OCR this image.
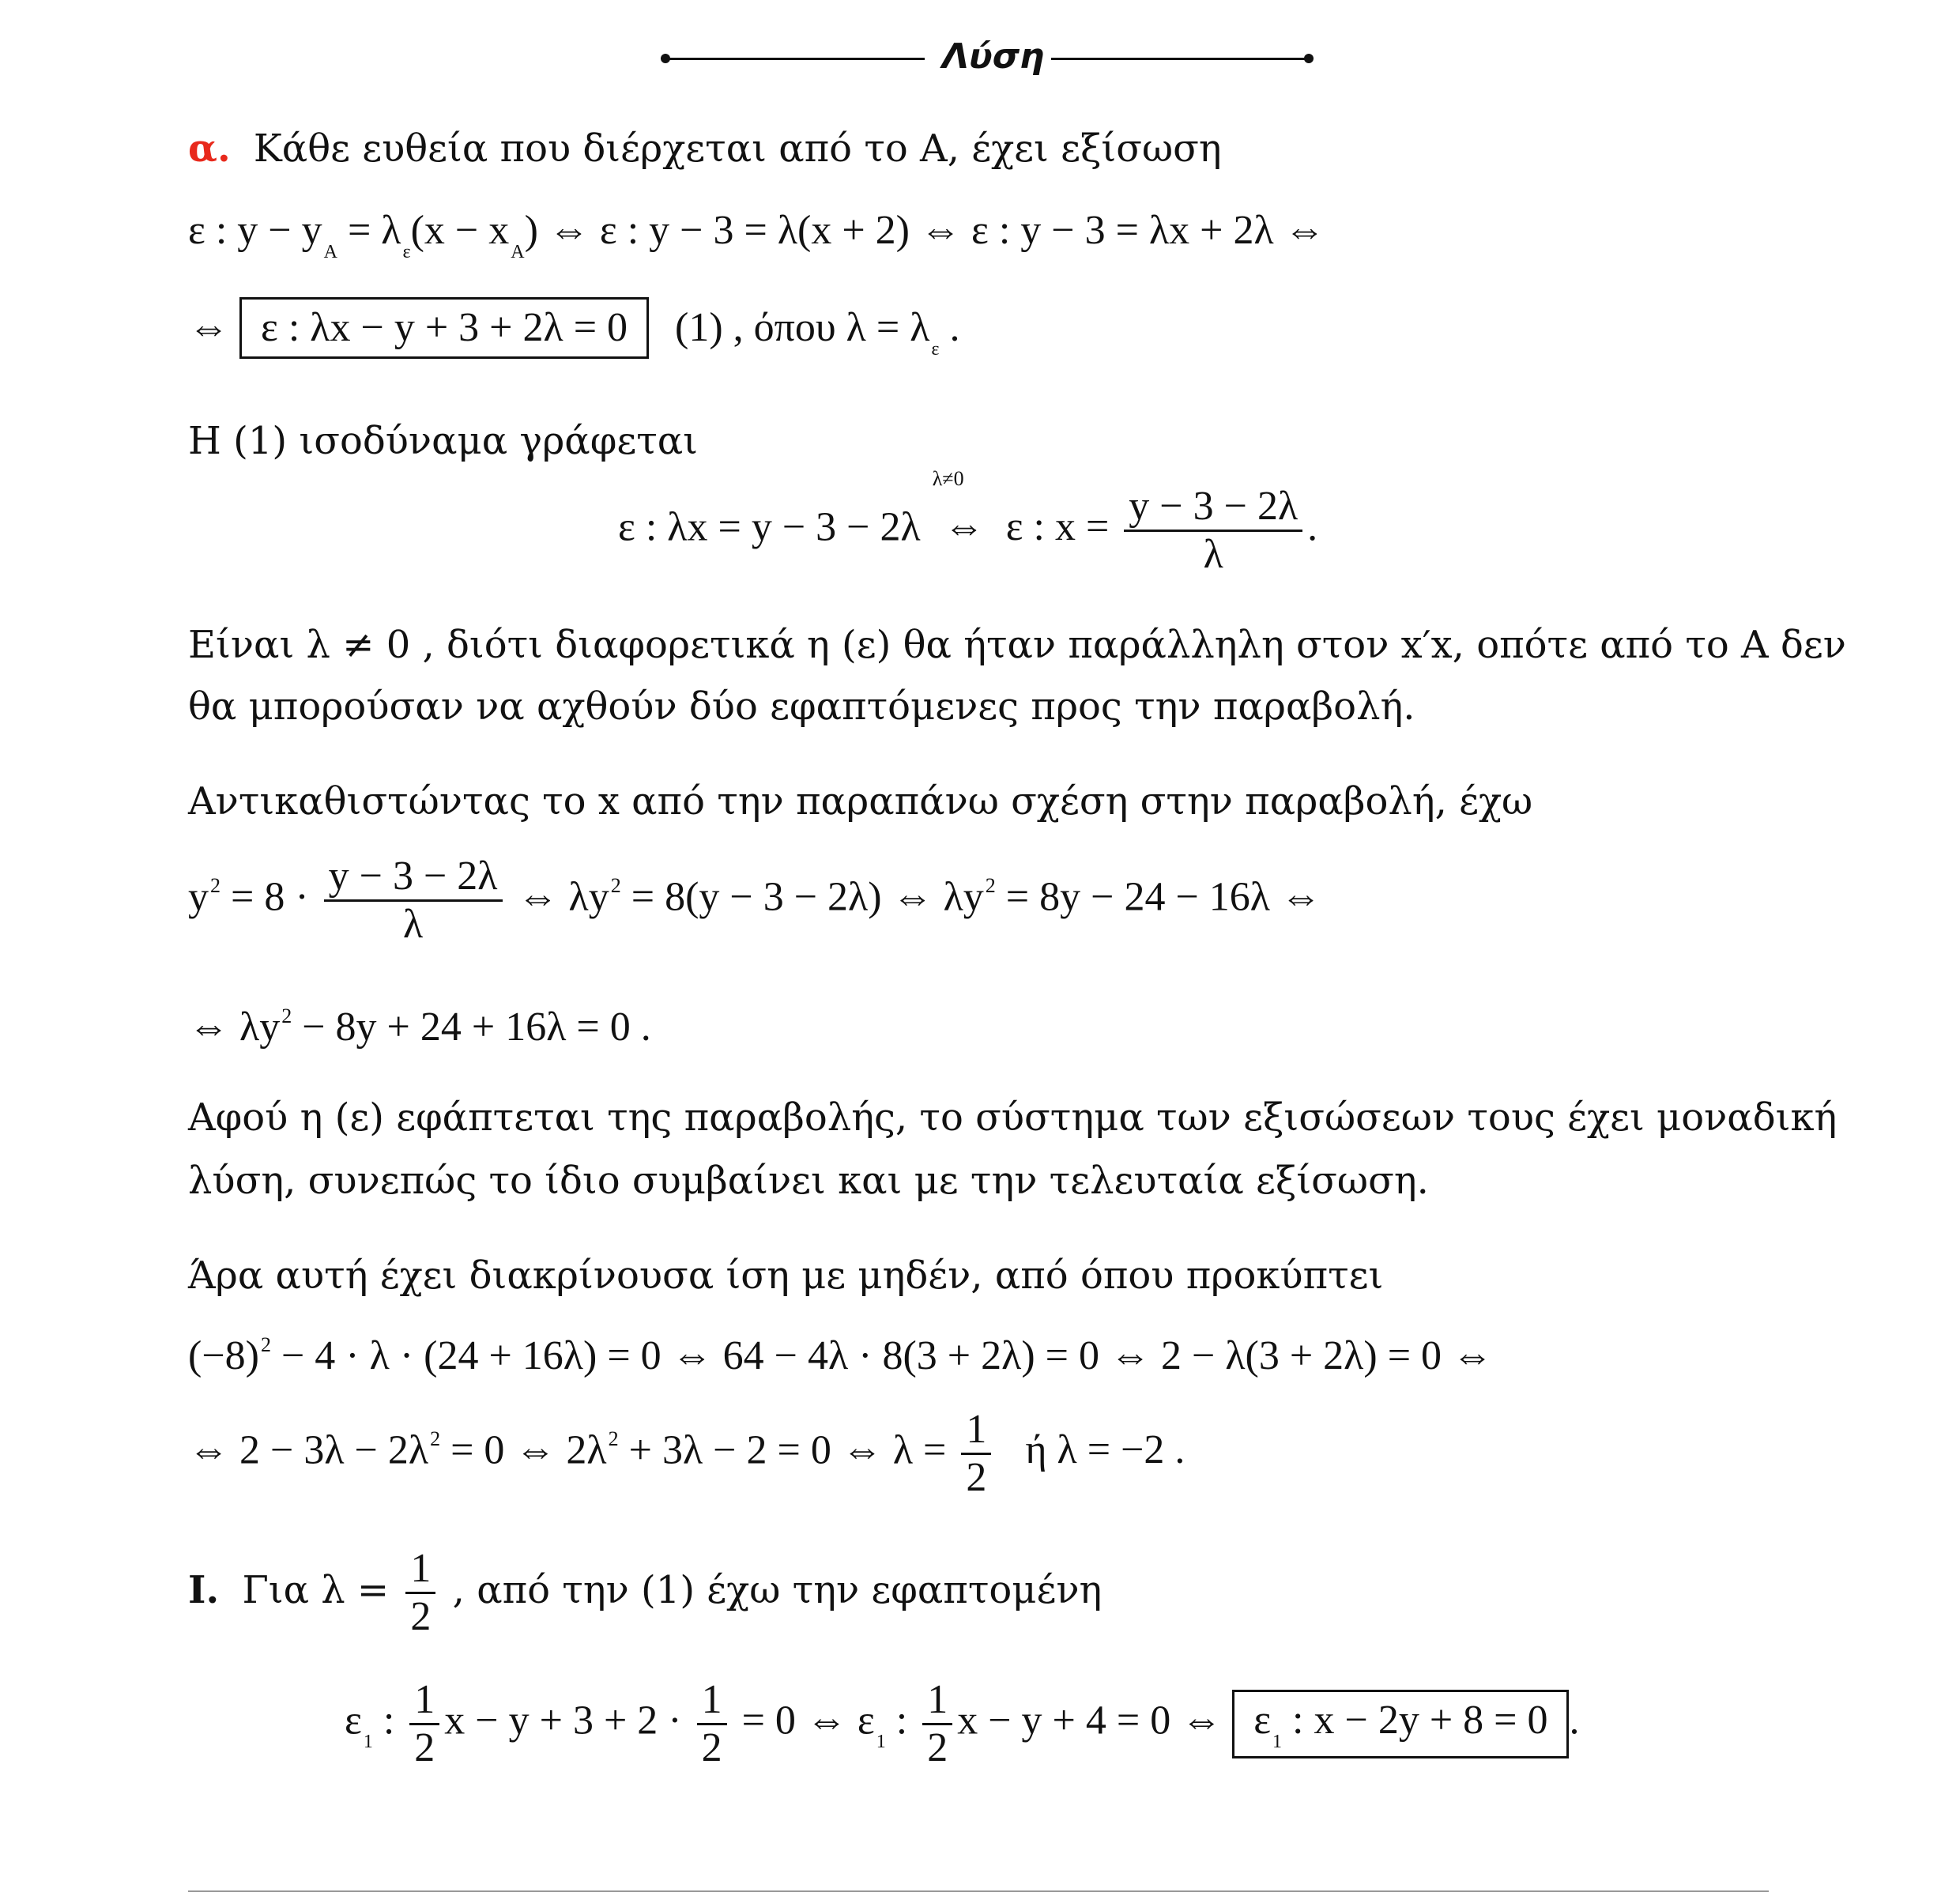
Λύση
α. Κάθε ευθεία που διέρχεται από το Α, έχει εξίσωση
ε : $y - y_A = \lambda_\varepsilon(x - x_A)$ ⇔ ε : y − 3 = λ(x + 2) ⇔ ε : y − 3 = λx + 2λ ⇔
⇔ ε : λx − y + 3 + 2λ = 0 (1) , όπου $\lambda = \lambda_\varepsilon$ .
Η (1) ισοδύναμα γράφεται
ε : λx = y − 3 − 2λ
λ≠0
⇔ ε : $x = \frac{y - 3 - 2\lambda}{\lambda}$ .
Είναι λ ≠ 0 , διότι διαφορετικά η (ε) θα ήταν παράλληλη στον x′x, οπότε από το Α δεν
θα μπορούσαν να αχθούν δύο εφαπτόμενες προς την παραβολή.
Αντικαθιστώντας το x από την παραπάνω σχέση στην παραβολή, έχω
$y^2 = 8 \cdot \frac{y - 3 - 2\lambda}{\lambda}$ ⇔ $\lambda y^2 = 8(y - 3 - 2\lambda)$ ⇔ $\lambda y^2 = 8y - 24 - 16\lambda$ ⇔
⇔ $\lambda y^2 - 8y + 24 + 16\lambda = 0$ .
Αφού η (ε) εφάπτεται της παραβολής, το σύστημα των εξισώσεων τους έχει μοναδική
λύση, συνεπώς το ίδιο συμβαίνει και με την τελευταία εξίσωση.
Άρα αυτή έχει διακρίνουσα ίση με μηδέν, από όπου προκύπτει
$(-8)^2 - 4 \cdot \lambda \cdot (24 + 16\lambda) = 0$ ⇔ 64 − 4λ · 8(3 + 2λ) = 0 ⇔ 2 − λ(3 + 2λ) = 0 ⇔
⇔ $2 - 3\lambda - 2\lambda^2 = 0$ ⇔ $2\lambda^2 + 3\lambda - 2 = 0$ ⇔ $\lambda = \frac{1}{2}$ ή λ = −2 .
Ι. Για $\lambda = \frac{1}{2}$ , από την (1) έχω την εφαπτομένη
$\varepsilon_1$ : $\frac{1}{2}$ $x - y + 3 + 2 \cdot \frac{1}{2} = 0$ ⇔ $\varepsilon_1$ : $\frac{1}{2}$ x − y + 4 = 0 ⇔ $\varepsilon_1$ : x − 2y + 8 = 0 .
